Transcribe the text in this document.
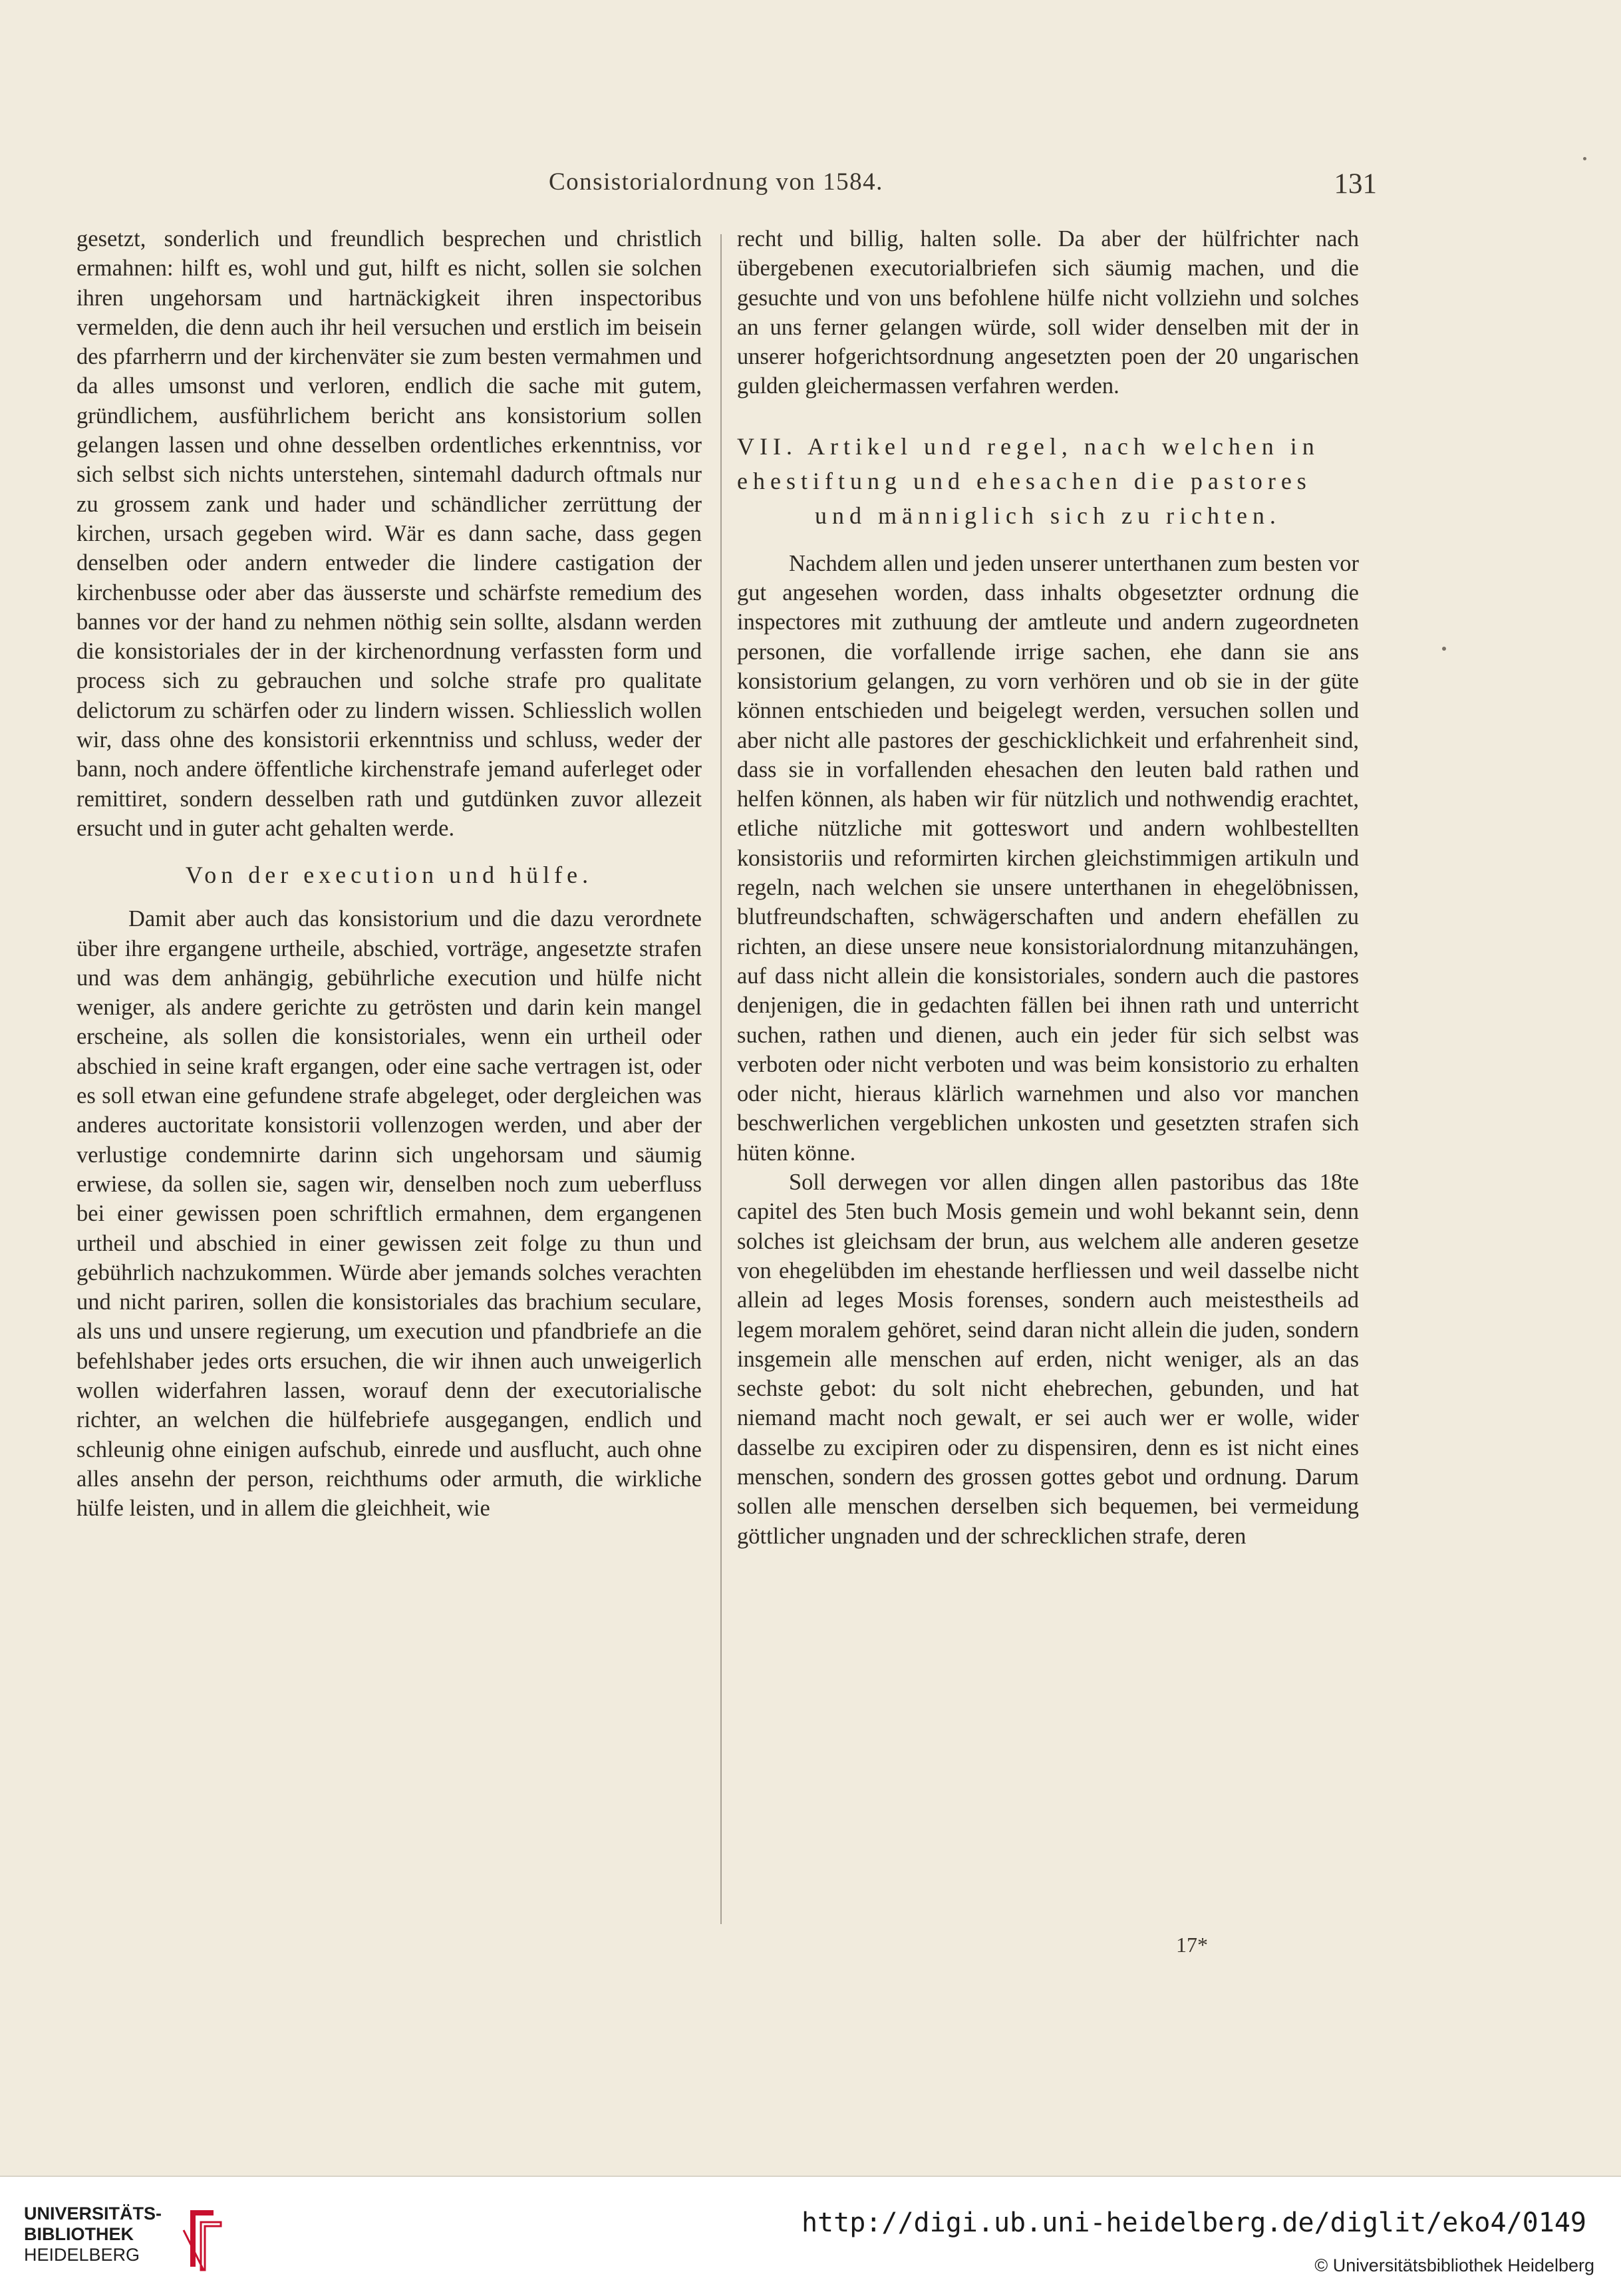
Consistorialordnung von 1584.	131

gesetzt, sonderlich und freundlich besprechen und christlich ermahnen: hilft es, wohl und gut, hilft es nicht, sollen sie solchen ihren ungehorsam und hartnäckigkeit ihren inspectoribus vermelden, die denn auch ihr heil versuchen und erstlich im beisein des pfarrherrn und der kirchenväter sie zum besten vermahmen und da alles umsonst und verloren, endlich die sache mit gutem, gründlichem, ausführlichem bericht ans konsistorium sollen gelangen lassen und ohne desselben ordentliches erkenntniss, vor sich selbst sich nichts unterstehen, sintemahl dadurch oftmals nur zu grossem zank und hader und schändlicher zerrüttung der kirchen, ursach gegeben wird. Wär es dann sache, dass gegen denselben oder andern entweder die lindere castigation der kirchenbusse oder aber das äusserste und schärfste remedium des bannes vor der hand zu nehmen nöthig sein sollte, alsdann werden die konsistoriales der in der kirchenordnung verfassten form und process sich zu gebrauchen und solche strafe pro qualitate delictorum zu schärfen oder zu lindern wissen. Schliesslich wollen wir, dass ohne des konsistorii erkenntniss und schluss, weder der bann, noch andere öffentliche kirchenstrafe jemand auferleget oder remittiret, sondern desselben rath und gutdünken zuvor allezeit ersucht und in guter acht gehalten werde.

Von der execution und hülfe.

Damit aber auch das konsistorium und die dazu verordnete über ihre ergangene urtheile, abschied, vorträge, angesetzte strafen und was dem anhängig, gebührliche execution und hülfe nicht weniger, als andere gerichte zu getrösten und darin kein mangel erscheine, als sollen die konsistoriales, wenn ein urtheil oder abschied in seine kraft ergangen, oder eine sache vertragen ist, oder es soll etwan eine gefundene strafe abgeleget, oder dergleichen was anderes auctoritate konsistorii vollenzogen werden, und aber der verlustige condemnirte darinn sich ungehorsam und säumig erwiese, da sollen sie, sagen wir, denselben noch zum ueberfluss bei einer gewissen poen schriftlich ermahnen, dem ergangenen urtheil und abschied in einer gewissen zeit folge zu thun und gebührlich nachzukommen. Würde aber jemands solches verachten und nicht pariren, sollen die konsistoriales das brachium seculare, als uns und unsere regierung, um execution und pfandbriefe an die befehlshaber jedes orts ersuchen, die wir ihnen auch unweigerlich wollen widerfahren lassen, worauf denn der executorialische richter, an welchen die hülfebriefe ausgegangen, endlich und schleunig ohne einigen aufschub, einrede und ausflucht, auch ohne alles ansehn der person, reichthums oder armuth, die wirkliche hülfe leisten, und in allem die gleichheit, wie

recht und billig, halten solle. Da aber der hülfrichter nach übergebenen executorialbriefen sich säumig machen, und die gesuchte und von uns befohlene hülfe nicht vollziehn und solches an uns ferner gelangen würde, soll wider denselben mit der in unserer hofgerichtsordnung angesetzten poen der 20 ungarischen gulden gleichermassen verfahren werden.

VII. Artikel und regel, nach welchen in
ehestiftung und ehesachen die pastores
und männiglich sich zu richten.

Nachdem allen und jeden unserer unterthanen zum besten vor gut angesehen worden, dass inhalts obgesetzter ordnung die inspectores mit zuthuung der amtleute und andern zugeordneten personen, die vorfallende irrige sachen, ehe dann sie ans konsistorium gelangen, zu vorn verhören und ob sie in der güte können entschieden und beigelegt werden, versuchen sollen und aber nicht alle pastores der geschicklichkeit und erfahrenheit sind, dass sie in vorfallenden ehesachen den leuten bald rathen und helfen können, als haben wir für nützlich und nothwendig erachtet, etliche nützliche mit gotteswort und andern wohlbestellten konsistoriis und reformirten kirchen gleichstimmigen artikuln und regeln, nach welchen sie unsere unterthanen in ehegelöbnissen, blutfreundschaften, schwägerschaften und andern ehefällen zu richten, an diese unsere neue konsistorialordnung mitanzuhängen, auf dass nicht allein die konsistoriales, sondern auch die pastores denjenigen, die in gedachten fällen bei ihnen rath und unterricht suchen, rathen und dienen, auch ein jeder für sich selbst was verboten oder nicht verboten und was beim konsistorio zu erhalten oder nicht, hieraus klärlich warnehmen und also vor manchen beschwerlichen vergeblichen unkosten und gesetzten strafen sich hüten könne.

Soll derwegen vor allen dingen allen pastoribus das 18te capitel des 5ten buch Mosis gemein und wohl bekannt sein, denn solches ist gleichsam der brun, aus welchem alle anderen gesetze von ehegelübden im ehestande herfliessen und weil dasselbe nicht allein ad leges Mosis forenses, sondern auch meistestheils ad legem moralem gehöret, seind daran nicht allein die juden, sondern insgemein alle menschen auf erden, nicht weniger, als an das sechste gebot: du solt nicht ehebrechen, gebunden, und hat niemand macht noch gewalt, er sei auch wer er wolle, wider dasselbe zu excipiren oder zu dispensiren, denn es ist nicht eines menschen, sondern des grossen gottes gebot und ordnung. Darum sollen alle menschen derselben sich bequemen, bei vermeidung göttlicher ungnaden und der schrecklichen strafe, deren

17*
UNIVERSITÄTS-
BIBLIOTHEK
HEIDELBERG
http://digi.ub.uni-heidelberg.de/diglit/eko4/0149
© Universitätsbibliothek Heidelberg
